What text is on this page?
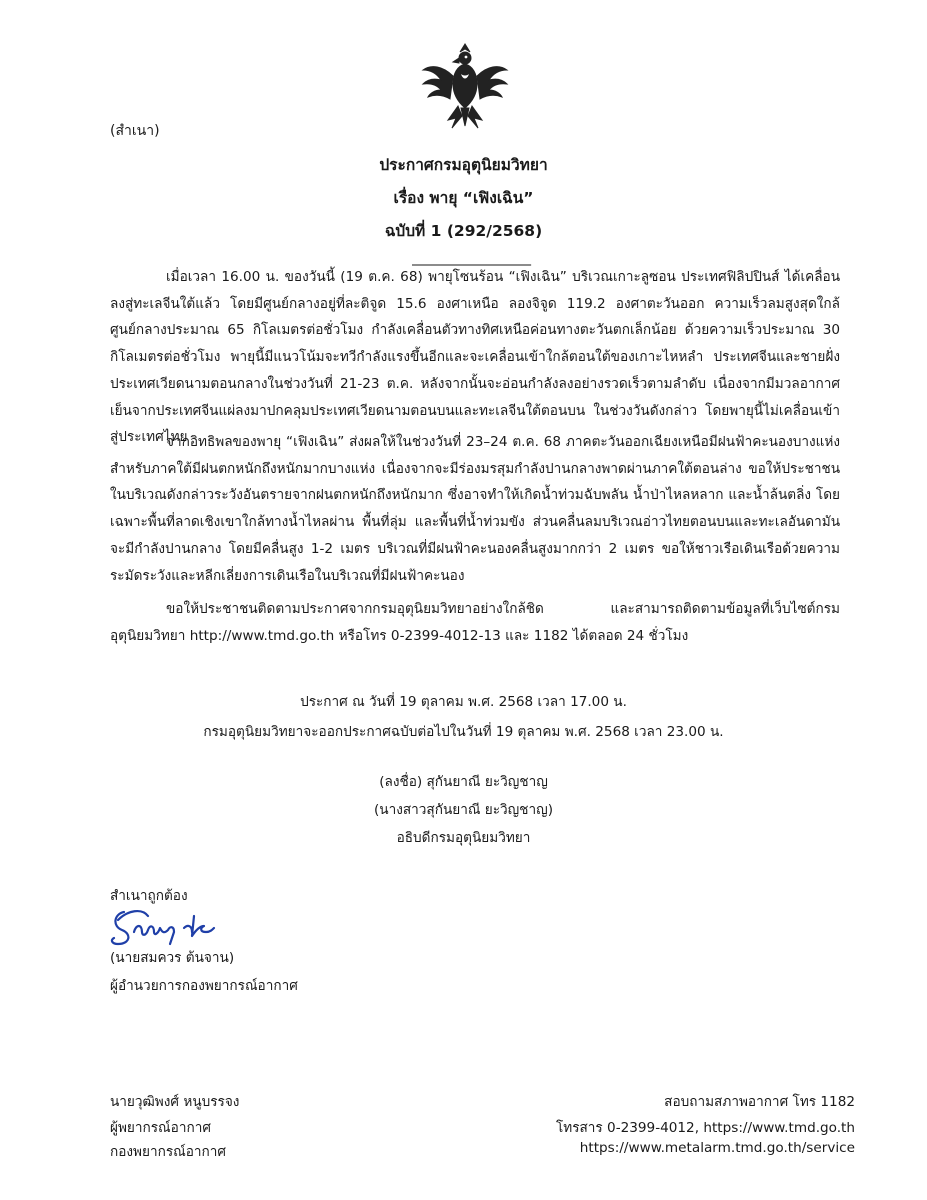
(สำเนา)
ประกาศกรมอุตุนิยมวิทยา
เรื่อง พายุ “เฟิงเฉิน”
ฉบับที่ 1 (292/2568)
_________________

เมื่อเวลา 16.00 น. ของวันนี้ (19 ต.ค. 68) พายุโซนร้อน “เฟิงเฉิน” บริเวณเกาะลูซอน ประเทศฟิลิปปินส์ ได้เคลื่อนลงสู่ทะเลจีนใต้แล้ว โดยมีศูนย์กลางอยู่ที่ละติจูด 15.6 องศาเหนือ ลองจิจูด 119.2 องศาตะวันออก ความเร็วลมสูงสุดใกล้ศูนย์กลางประมาณ 65 กิโลเมตรต่อชั่วโมง กำลังเคลื่อนตัวทางทิศเหนือค่อนทางตะวันตกเล็กน้อย ด้วยความเร็วประมาณ 30 กิโลเมตรต่อชั่วโมง พายุนี้มีแนวโน้มจะทวีกำลังแรงขึ้นอีกและจะเคลื่อนเข้าใกล้ตอนใต้ของเกาะไหหลำ ประเทศจีนและชายฝั่งประเทศเวียดนามตอนกลางในช่วงวันที่ 21-23 ต.ค. หลังจากนั้นจะอ่อนกำลังลงอย่างรวดเร็วตามลำดับ เนื่องจากมีมวลอากาศเย็นจากประเทศจีนแผ่ลงมาปกคลุมประเทศเวียดนามตอนบนและทะเลจีนใต้ตอนบน ในช่วงวันดังกล่าว โดยพายุนี้ไม่เคลื่อนเข้าสู่ประเทศไทย

จากอิทธิพลของพายุ “เฟิงเฉิน” ส่งผลให้ในช่วงวันที่ 23–24 ต.ค. 68 ภาคตะวันออกเฉียงเหนือมีฝนฟ้าคะนองบางแห่ง สำหรับภาคใต้มีฝนตกหนักถึงหนักมากบางแห่ง เนื่องจากจะมีร่องมรสุมกำลังปานกลางพาดผ่านภาคใต้ตอนล่าง ขอให้ประชาชนในบริเวณดังกล่าวระวังอันตรายจากฝนตกหนักถึงหนักมาก ซึ่งอาจทำให้เกิดน้ำท่วมฉับพลัน น้ำป่าไหลหลาก และน้ำล้นตลิ่ง โดยเฉพาะพื้นที่ลาดเชิงเขาใกล้ทางน้ำไหลผ่าน พื้นที่ลุ่ม และพื้นที่น้ำท่วมขัง ส่วนคลื่นลมบริเวณอ่าวไทยตอนบนและทะเลอันดามันจะมีกำลังปานกลาง โดยมีคลื่นสูง 1-2 เมตร บริเวณที่มีฝนฟ้าคะนองคลื่นสูงมากกว่า 2 เมตร ขอให้ชาวเรือเดินเรือด้วยความระมัดระวังและหลีกเลี่ยงการเดินเรือในบริเวณที่มีฝนฟ้าคะนอง

ขอให้ประชาชนติดตามประกาศจากกรมอุตุนิยมวิทยาอย่างใกล้ชิด และสามารถติดตามข้อมูลที่เว็บไซต์กรมอุตุนิยมวิทยา http://www.tmd.go.th หรือโทร 0-2399-4012-13 และ 1182 ได้ตลอด 24 ชั่วโมง

ประกาศ ณ วันที่ 19 ตุลาคม พ.ศ. 2568 เวลา 17.00 น.
กรมอุตุนิยมวิทยาจะออกประกาศฉบับต่อไปในวันที่ 19 ตุลาคม พ.ศ. 2568 เวลา 23.00 น.
(ลงชื่อ) สุกันยาณี ยะวิญชาญ
(นางสาวสุกันยาณี ยะวิญชาญ)
อธิบดีกรมอุตุนิยมวิทยา
สำเนาถูกต้อง
(นายสมควร ต้นจาน)
ผู้อำนวยการกองพยากรณ์อากาศ
นายวุฒิพงศ์ หนูบรรจง
ผู้พยากรณ์อากาศ
กองพยากรณ์อากาศ
สอบถามสภาพอากาศ โทร 1182
โทรสาร 0-2399-4012, https://www.tmd.go.th
https://www.metalarm.tmd.go.th/service
